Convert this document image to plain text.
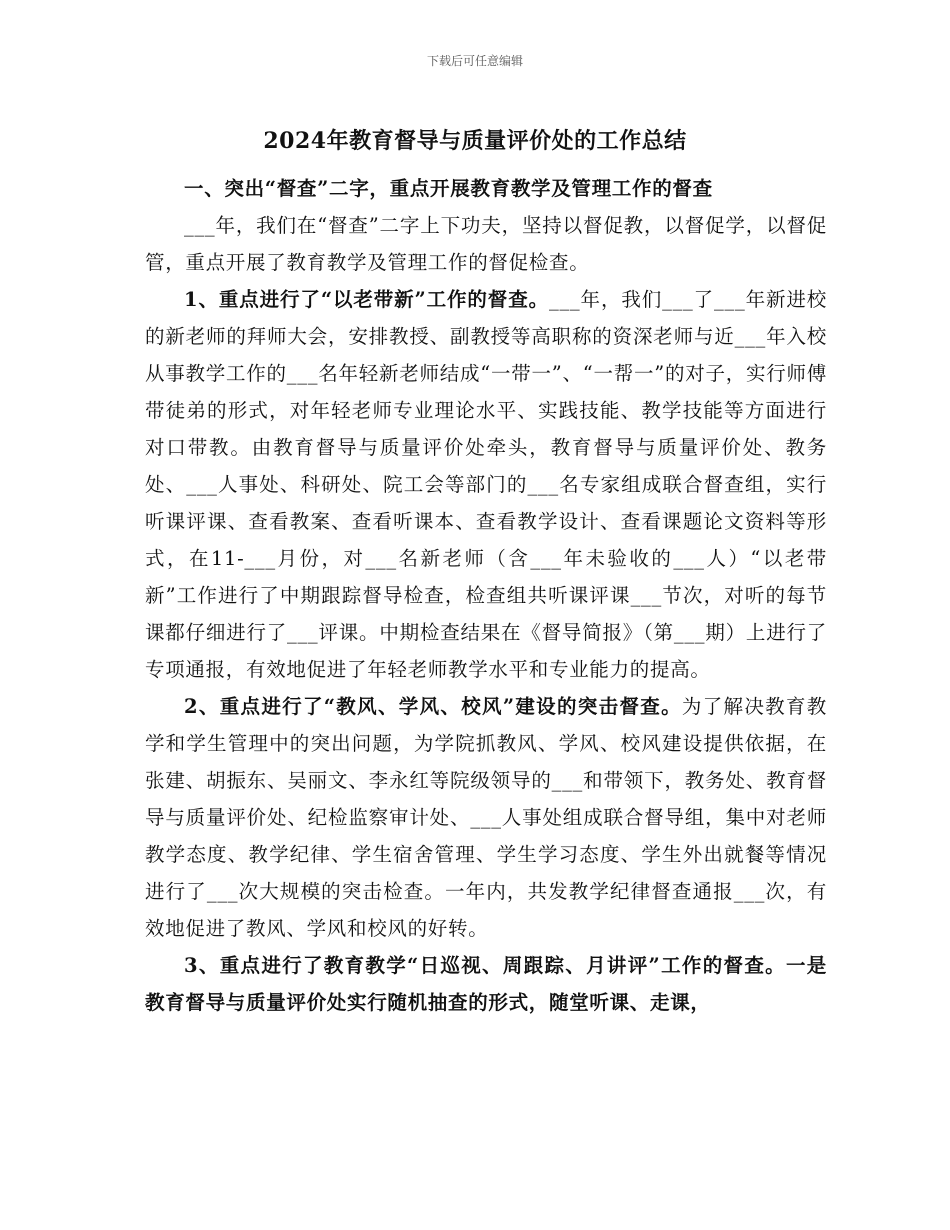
下载后可任意编辑
2024年教育督导与质量评价处的工作总结

一、突出“督查”二字，重点开展教育教学及管理工作的督查

___年，我们在“督查”二字上下功夫，坚持以督促教，以督促学，以督促管，重点开展了教育教学及管理工作的督促检查。

1、重点进行了“以老带新”工作的督查。___年，我们___了___年新进校的新老师的拜师大会，安排教授、副教授等高职称的资深老师与近___年入校从事教学工作的___名年轻新老师结成“一带一”、“一帮一”的对子，实行师傅带徒弟的形式，对年轻老师专业理论水平、实践技能、教学技能等方面进行对口带教。由教育督导与质量评价处牵头，教育督导与质量评价处、教务处、___人事处、科研处、院工会等部门的___名专家组成联合督查组，实行听课评课、查看教案、查看听课本、查看教学设计、查看课题论文资料等形式，在11-___月份，对___名新老师（含___年未验收的___人）“以老带新”工作进行了中期跟踪督导检查，检查组共听课评课___节次，对听的每节课都仔细进行了___评课。中期检查结果在《督导简报》（第___期）上进行了专项通报，有效地促进了年轻老师教学水平和专业能力的提高。

2、重点进行了“教风、学风、校风”建设的突击督查。为了解决教育教学和学生管理中的突出问题，为学院抓教风、学风、校风建设提供依据，在张建、胡振东、吴丽文、李永红等院级领导的___和带领下，教务处、教育督导与质量评价处、纪检监察审计处、___人事处组成联合督导组，集中对老师教学态度、教学纪律、学生宿舍管理、学生学习态度、学生外出就餐等情况进行了___次大规模的突击检查。一年内，共发教学纪律督查通报___次，有效地促进了教风、学风和校风的好转。

3、重点进行了教育教学“日巡视、周跟踪、月讲评”工作的督查。一是教育督导与质量评价处实行随机抽查的形式，随堂听课、走课，
